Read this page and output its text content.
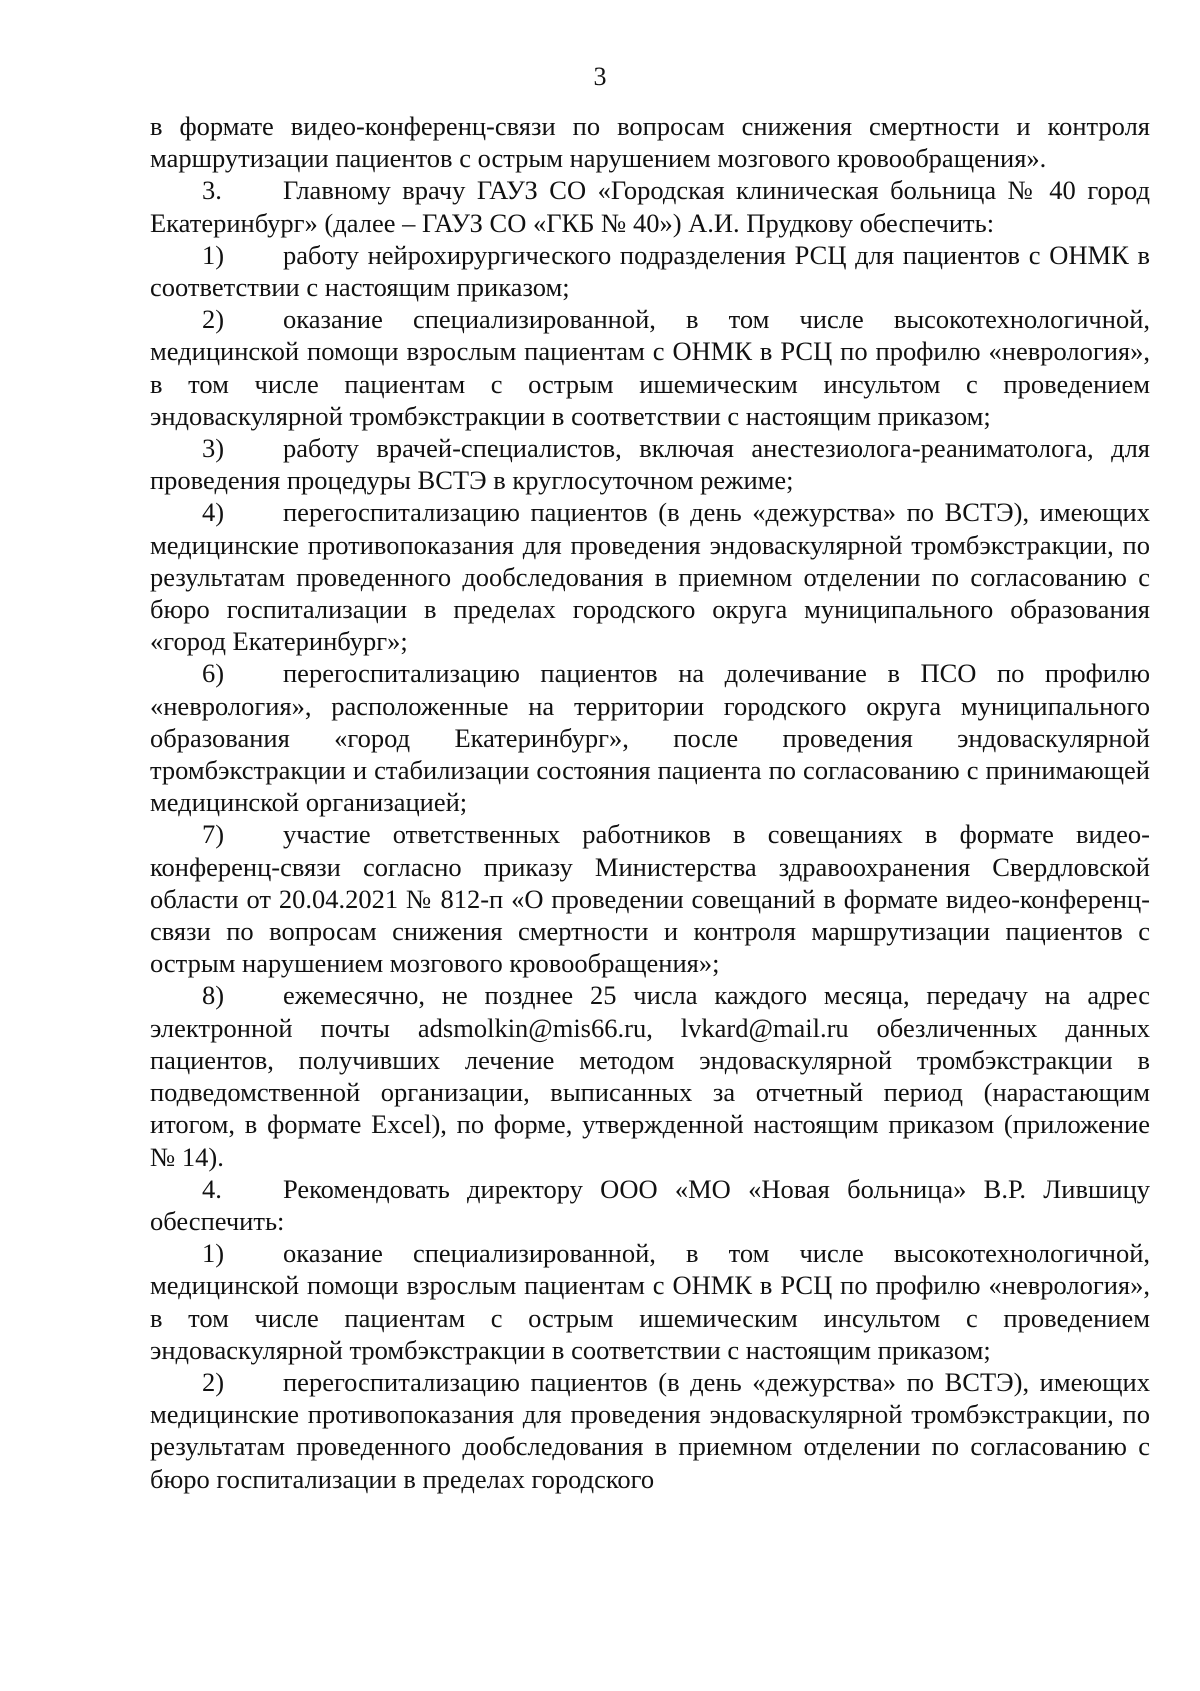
3

в формате видео-конференц-связи по вопросам снижения смертности и контроля маршрутизации пациентов с острым нарушением мозгового кровообращения».

3. Главному врачу ГАУЗ СО «Городская клиническая больница № 40 город Екатеринбург» (далее – ГАУЗ СО «ГКБ № 40») А.И. Прудкову обеспечить:

1) работу нейрохирургического подразделения РСЦ для пациентов с ОНМК в соответствии с настоящим приказом;

2) оказание специализированной, в том числе высокотехнологичной, медицинской помощи взрослым пациентам с ОНМК в РСЦ по профилю «неврология», в том числе пациентам с острым ишемическим инсультом с проведением эндоваскулярной тромбэкстракции в соответствии с настоящим приказом;

3) работу врачей-специалистов, включая анестезиолога-реаниматолога, для проведения процедуры ВСТЭ в круглосуточном режиме;

4) перегоспитализацию пациентов (в день «дежурства» по ВСТЭ), имеющих медицинские противопоказания для проведения эндоваскулярной тромбэкстракции, по результатам проведенного дообследования в приемном отделении по согласованию с бюро госпитализации в пределах городского округа муниципального образования «город Екатеринбург»;

6) перегоспитализацию пациентов на долечивание в ПСО по профилю «неврология», расположенные на территории городского округа муниципального образования «город Екатеринбург», после проведения эндоваскулярной тромбэкстракции и стабилизации состояния пациента по согласованию с принимающей медицинской организацией;

7) участие ответственных работников в совещаниях в формате видео-конференц-связи согласно приказу Министерства здравоохранения Свердловской области от 20.04.2021 № 812-п «О проведении совещаний в формате видео-конференц-связи по вопросам снижения смертности и контроля маршрутизации пациентов с острым нарушением мозгового кровообращения»;

8) ежемесячно, не позднее 25 числа каждого месяца, передачу на адрес электронной почты adsmolkin@mis66.ru, lvkard@mail.ru обезличенных данных пациентов, получивших лечение методом эндоваскулярной тромбэкстракции в подведомственной организации, выписанных за отчетный период (нарастающим итогом, в формате Excel), по форме, утвержденной настоящим приказом (приложение № 14).

4. Рекомендовать директору ООО «МО «Новая больница» В.Р. Лившицу обеспечить:

1) оказание специализированной, в том числе высокотехнологичной, медицинской помощи взрослым пациентам с ОНМК в РСЦ по профилю «неврология», в том числе пациентам с острым ишемическим инсультом с проведением эндоваскулярной тромбэкстракции в соответствии с настоящим приказом;

2) перегоспитализацию пациентов (в день «дежурства» по ВСТЭ), имеющих медицинские противопоказания для проведения эндоваскулярной тромбэкстракции, по результатам проведенного дообследования в приемном отделении по согласованию с бюро госпитализации в пределах городского
